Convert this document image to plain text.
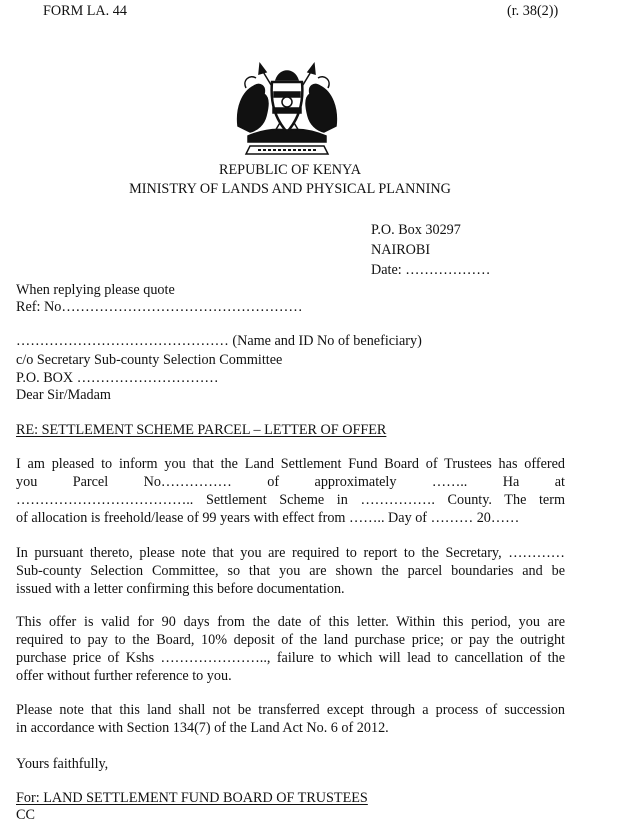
FORM LA. 44	(r. 38(2))
REPUBLIC OF KENYA
MINISTRY OF LANDS AND PHYSICAL PLANNING
P.O. Box 30297
NAIROBI
Date: ………………
When replying please quote
Ref: No……………………………………………
……………………………………… (Name and ID No of beneficiary)
c/o Secretary Sub-county Selection Committee
P.O. BOX …………………………
Dear Sir/Madam
RE: SETTLEMENT SCHEME PARCEL – LETTER OF OFFER
I am pleased to inform you that the Land Settlement Fund Board of Trustees has offered
you Parcel No…………… of approximately …….. Ha at
……………………………….. Settlement Scheme in ……………. County. The term
of allocation is freehold/lease of 99 years with effect from …….. Day of ……… 20……
In pursuant thereto, please note that you are required to report to the Secretary, …………
Sub-county Selection Committee, so that you are shown the parcel boundaries and be
issued with a letter confirming this before documentation.
This offer is valid for 90 days from the date of this letter. Within this period, you are
required to pay to the Board, 10% deposit of the land purchase price; or pay the outright
purchase price of Kshs ………………….., failure to which will lead to cancellation of the
offer without further reference to you.
Please note that this land shall not be transferred except through a process of succession
in accordance with Section 134(7) of the Land Act No. 6 of 2012.
Yours faithfully,
For: LAND SETTLEMENT FUND BOARD OF TRUSTEES
CC
